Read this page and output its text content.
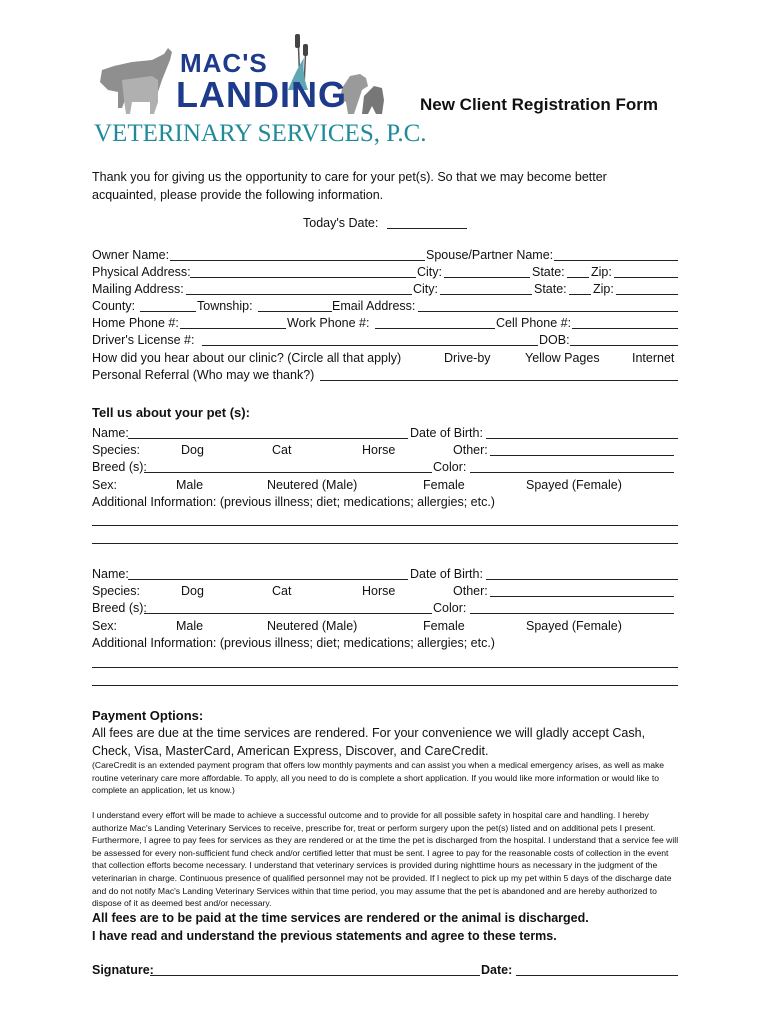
MAC'S
LANDING
VETERINARY SERVICES, P.C.
New Client Registration Form
Thank you for giving us the opportunity to care for your pet(s). So that we may become better acquainted, please provide the following information.
Today's Date:
Owner Name:	Spouse/Partner Name:
Physical Address:	City:	State: Zip:
Mailing Address:	City:	State: Zip:
County:	Township:	Email Address:
Home Phone #:	Work Phone #:	Cell Phone #:
Driver's License #:	DOB:
How did you hear about our clinic? (Circle all that apply)	Drive-by	Yellow Pages	Internet
Personal Referral (Who may we thank?)
Tell us about your pet (s):
Name:	Date of Birth:
Species:	Dog	Cat	Horse	Other:
Breed (s):	Color:
Sex:	Male	Neutered (Male)	Female	Spayed (Female)
Additional Information: (previous illness; diet; medications; allergies; etc.)
Name:	Date of Birth:
Species:	Dog	Cat	Horse	Other:
Breed (s):	Color:
Sex:	Male	Neutered (Male)	Female	Spayed (Female)
Additional Information: (previous illness; diet; medications; allergies; etc.)
Payment Options:
All fees are due at the time services are rendered. For your convenience we will gladly accept Cash, Check, Visa, MasterCard, American Express, Discover, and CareCredit.
(CareCredit is an extended payment program that offers low monthly payments and can assist you when a medical emergency arises, as well as make routine veterinary care more affordable. To apply, all you need to do is complete a short application. If you would like more information or would like to complete an application, let us know.)
I understand every effort will be made to achieve a successful outcome and to provide for all possible safety in hospital care and handling. I hereby authorize Mac's Landing Veterinary Services to receive, prescribe for, treat or perform surgery upon the pet(s) listed and on additional pets I present. Furthermore, I agree to pay fees for services as they are rendered or at the time the pet is discharged from the hospital. I understand that a service fee will be assessed for every non-sufficient fund check and/or certified letter that must be sent. I agree to pay for the reasonable costs of collection in the event that collection efforts become necessary. I understand that veterinary services is provided during nighttime hours as necessary in the judgment of the veterinarian in charge. Continuous presence of qualified personnel may not be provided. If I neglect to pick up my pet within 5 days of the discharge date and do not notify Mac's Landing Veterinary Services within that time period, you may assume that the pet is abandoned and are hereby authorized to dispose of it as deemed best and/or necessary.
All fees are to be paid at the time services are rendered or the animal is discharged.
I have read and understand the previous statements and agree to these terms.
Signature:	Date:
